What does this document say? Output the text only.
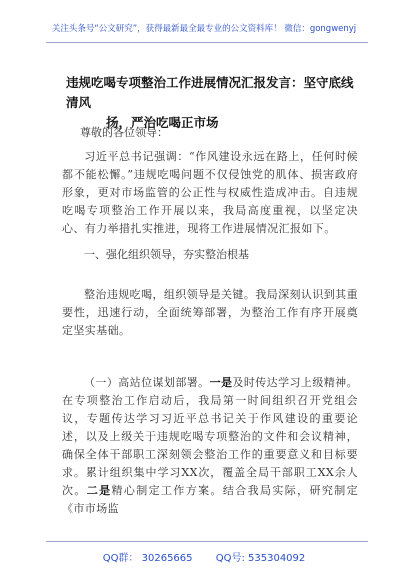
关注头条号“公文研究”，获得最新最全最专业的公文资料库！ 微信：gongwenyj
违规吃喝专项整治工作进展情况汇报发言：坚守底线清风
扬，严治吃喝正市场
尊敬的各位领导：
习近平总书记强调：“作风建设永远在路上，任何时候都不能松懈。”违规吃喝问题不仅侵蚀党的肌体、损害政府形象，更对市场监管的公正性与权威性造成冲击。自违规吃喝专项整治工作开展以来，我局高度重视，以坚定决心、有力举措扎实推进，现将工作进展情况汇报如下。
一、强化组织领导，夯实整治根基
整治违规吃喝，组织领导是关键。我局深刻认识到其重要性，迅速行动，全面统筹部署，为整治工作有序开展奠定坚实基础。
（一）高站位谋划部署。一是及时传达学习上级精神。在专项整治工作启动后，我局第一时间组织召开党组会议，专题传达学习习近平总书记关于作风建设的重要论述，以及上级关于违规吃喝专项整治的文件和会议精神，确保全体干部职工深刻领会整治工作的重要意义和目标要求。累计组织集中学习XX次，覆盖全局干部职工XX余人次。二是精心制定工作方案。结合我局实际，研究制定《市市场监
QQ群： 30265665 QQ号: 535304092
